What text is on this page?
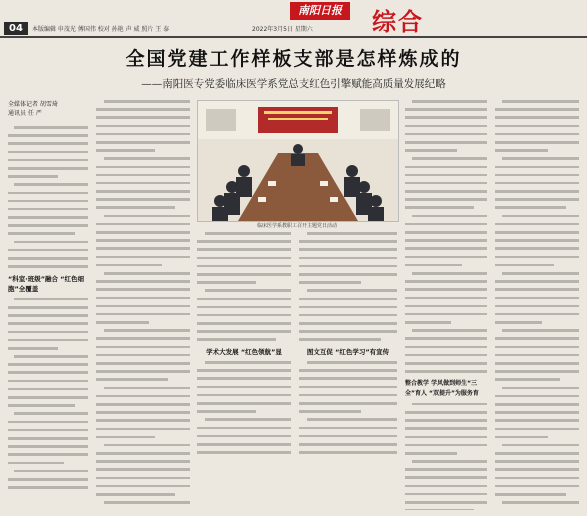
04	本版编辑 申茂光 傅国伟 校对 孙艳 声 威 照片 王 泰
南阳日报
2022年3月5日 星期六 综合
全国党建工作样板支部是怎样炼成的
——南阳医专党委临床医学系党总支红色引擎赋能高质量发展纪略
全媒体记者 胡雪琦
通讯员 任 严
“科室·班级”融合 “红色细胞”全覆盖
临床医学系教职工召开主题党日活动
学术大发展 “红色领航”显	图文互促 “红色学习”有宣传
整合教学 学风做到师生“三全”育人 “双提升”为服务育
